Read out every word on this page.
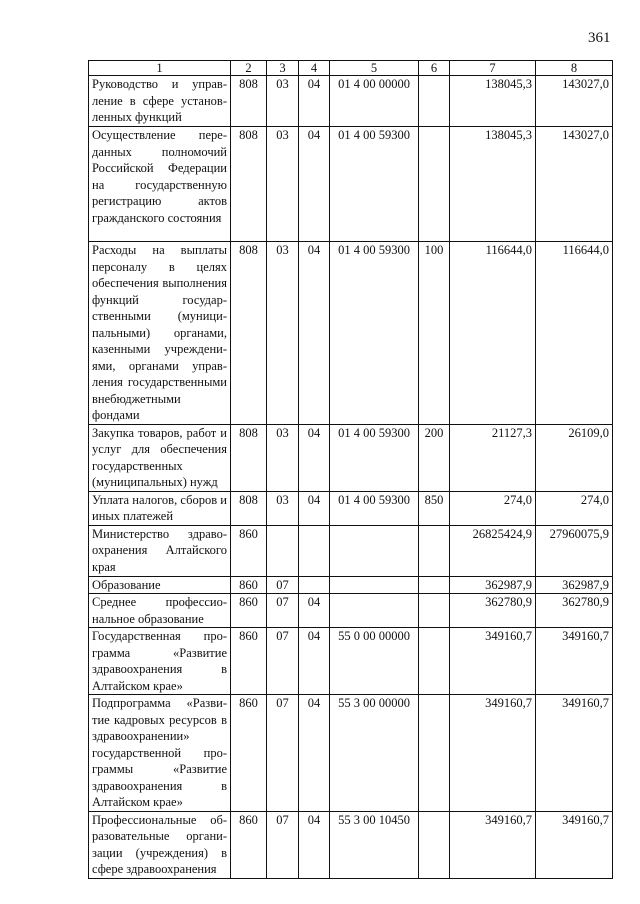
361
1	2	3	4	5	6	7	8
Руководство и управление в сфере установленных функций	808	03	04	01 4 00 00000		138045,3	143027,0
Осуществление переданных полномочий Российской Федерации на государственную регистрацию актов гражданского состояния	808	03	04	01 4 00 59300		138045,3	143027,0
Расходы на выплаты персоналу в целях обеспечения выполнения функций государственными (муниципальными) органами, казенными учреждениями, органами управления государственными внебюджетными фондами	808	03	04	01 4 00 59300	100	116644,0	116644,0
Закупка товаров, работ и услуг для обеспечения государственных (муниципальных) нужд	808	03	04	01 4 00 59300	200	21127,3	26109,0
Уплата налогов, сборов и иных платежей	808	03	04	01 4 00 59300	850	274,0	274,0
Министерство здравоохранения Алтайского края	860					26825424,9	27960075,9
Образование	860	07				362987,9	362987,9
Среднее профессиональное образование	860	07	04			362780,9	362780,9
Государственная программа «Развитие здравоохранения в Алтайском крае»	860	07	04	55 0 00 00000		349160,7	349160,7
Подпрограмма «Развитие кадровых ресурсов в здравоохранении» государственной программы «Развитие здравоохранения в Алтайском крае»	860	07	04	55 3 00 00000		349160,7	349160,7
Профессиональные образовательные организации (учреждения) в сфере здравоохранения	860	07	04	55 3 00 10450		349160,7	349160,7
